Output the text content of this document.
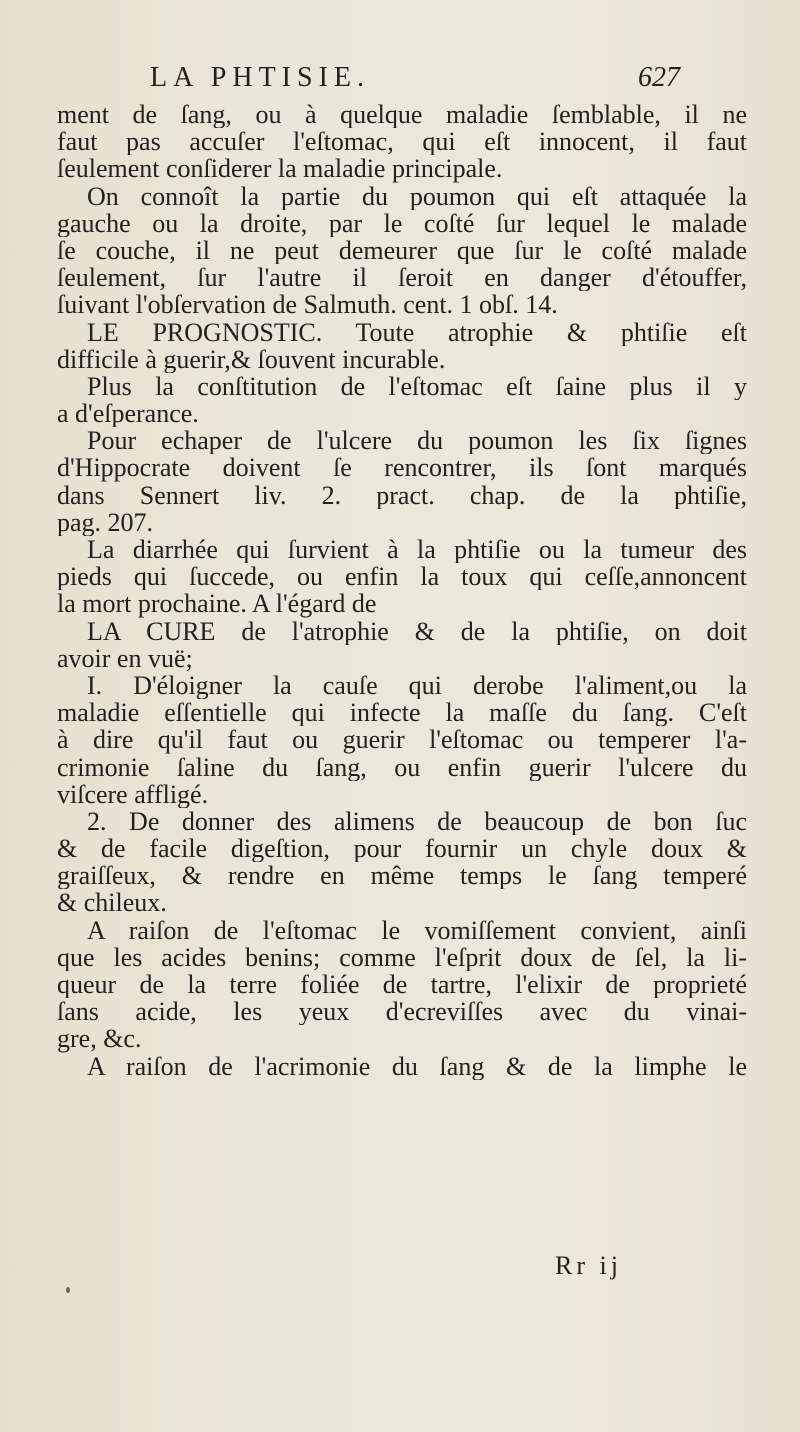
LA PHTISIE.	627
ment de ſang, ou à quelque maladie ſemblable, il ne
faut pas accuſer l'eſtomac, qui eſt innocent, il faut
ſeulement conſiderer la maladie principale.
On connoît la partie du poumon qui eſt attaquée la
gauche ou la droite, par le coſté ſur lequel le malade
ſe couche, il ne peut demeurer que ſur le coſté malade
ſeulement, ſur l'autre il ſeroit en danger d'étouffer,
ſuivant l'obſervation de Salmuth. cent. 1 obſ. 14.
LE PROGNOSTIC. Toute atrophie & phtiſie eſt
difficile à guerir,& ſouvent incurable.
Plus la conſtitution de l'eſtomac eſt ſaine plus il y
a d'eſperance.
Pour echaper de l'ulcere du poumon les ſix ſignes
d'Hippocrate doivent ſe rencontrer, ils ſont marqués
dans Sennert liv. 2. pract. chap. de la phtiſie,
pag. 207.
La diarrhée qui ſurvient à la phtiſie ou la tumeur des
pieds qui ſuccede, ou enfin la toux qui ceſſe,annoncent
la mort prochaine. A l'égard de
LA CURE de l'atrophie & de la phtiſie, on doit
avoir en vuë;
I. D'éloigner la cauſe qui derobe l'aliment,ou la
maladie eſſentielle qui infecte la maſſe du ſang. C'eſt
à dire qu'il faut ou guerir l'eſtomac ou temperer l'a-
crimonie ſaline du ſang, ou enfin guerir l'ulcere du
viſcere affligé.
2. De donner des alimens de beaucoup de bon ſuc
& de facile digeſtion, pour fournir un chyle doux &
graiſſeux, & rendre en même temps le ſang temperé
& chileux.
A raiſon de l'eſtomac le vomiſſement convient, ainſi
que les acides benins; comme l'eſprit doux de ſel, la li-
queur de la terre foliée de tartre, l'elixir de proprieté
ſans acide, les yeux d'ecreviſſes avec du vinai-
gre, &c.
A raiſon de l'acrimonie du ſang & de la limphe le
Rr ij
